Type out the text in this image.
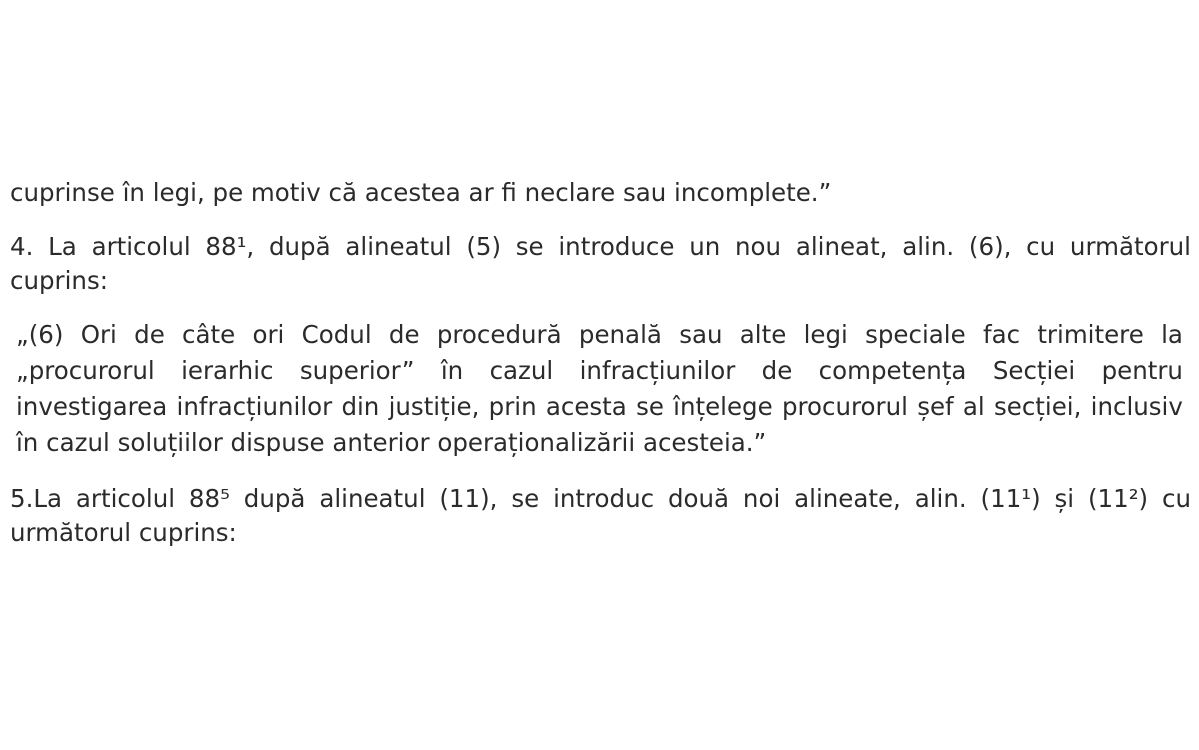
cuprinse în legi, pe motiv că acestea ar fi neclare sau incomplete.”
4. La articolul 88¹, după alineatul (5) se introduce un nou alineat, alin. (6), cu următorul
cuprins:
„(6) Ori de câte ori Codul de procedură penală sau alte legi speciale fac trimitere la
„procurorul ierarhic superior” în cazul infracțiunilor de competența Secției pentru
investigarea infracțiunilor din justiție, prin acesta se înțelege procurorul șef al secției, inclusiv
în cazul soluțiilor dispuse anterior operaționalizării acesteia.”
5.La articolul 88⁵ după alineatul (11), se introduc două noi alineate, alin. (11¹) și (11²) cu
următorul cuprins:
